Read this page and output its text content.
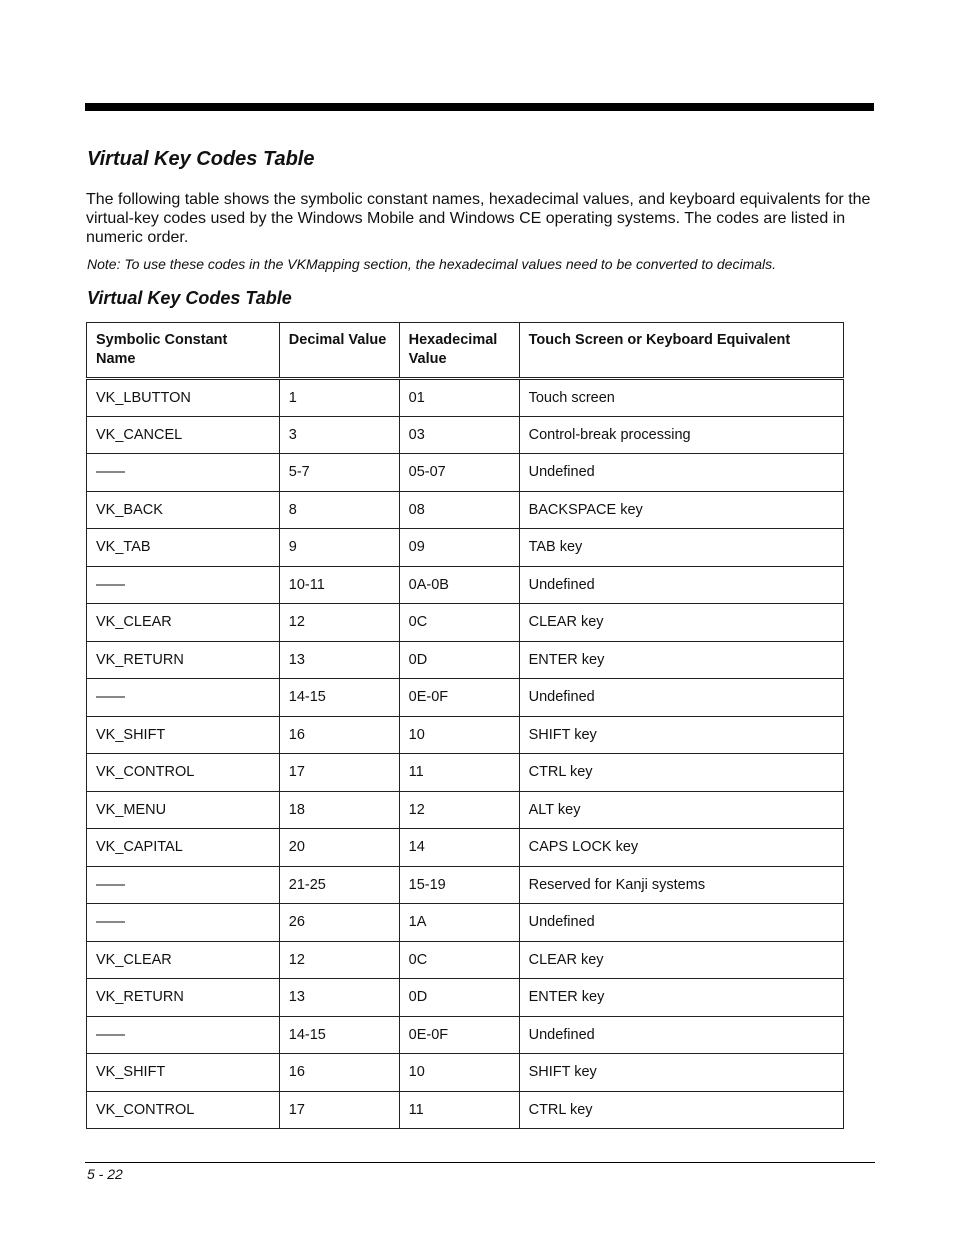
Virtual Key Codes Table

The following table shows the symbolic constant names, hexadecimal values, and keyboard equivalents for the virtual-key codes used by the Windows Mobile and Windows CE operating systems. The codes are listed in numeric order.

Note: To use these codes in the VKMapping section, the hexadecimal values need to be converted to decimals.

Virtual Key Codes Table
Symbolic Constant Name	Decimal Value	Hexadecimal Value	Touch Screen or Keyboard Equivalent
VK_LBUTTON	1	01	Touch screen
VK_CANCEL	3	03	Control-break processing
——	5-7	05-07	Undefined
VK_BACK	8	08	BACKSPACE key
VK_TAB	9	09	TAB key
——	10-11	0A-0B	Undefined
VK_CLEAR	12	0C	CLEAR key
VK_RETURN	13	0D	ENTER key
——	14-15	0E-0F	Undefined
VK_SHIFT	16	10	SHIFT key
VK_CONTROL	17	11	CTRL key
VK_MENU	18	12	ALT key
VK_CAPITAL	20	14	CAPS LOCK key
——	21-25	15-19	Reserved for Kanji systems
——	26	1A	Undefined
VK_CLEAR	12	0C	CLEAR key
VK_RETURN	13	0D	ENTER key
——	14-15	0E-0F	Undefined
VK_SHIFT	16	10	SHIFT key
VK_CONTROL	17	11	CTRL key

5 - 22
